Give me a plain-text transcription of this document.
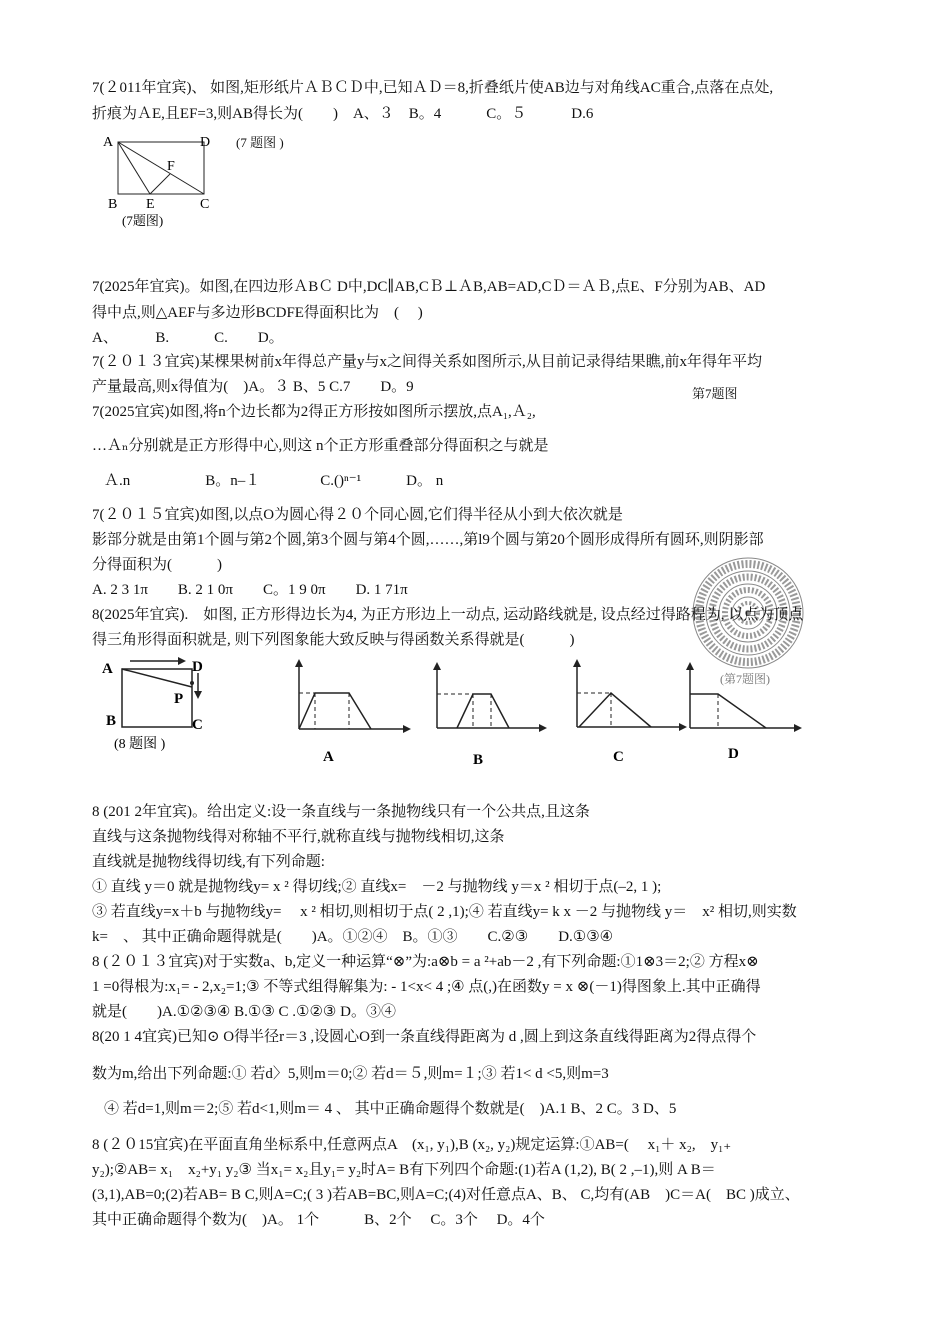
7(２011年宜宾)、 如图,矩形纸片ＡＢＣＤ中,已知ＡＤ＝8,折叠纸片使AB边与对角线AC重合,点落在点处,
折痕为ＡE,且EF=3,则AB得长为(　　)　A、３　B。4　　　C。５　　　D.6
A	D
F
B E	C
(7题图)
(7 题图 )
7(2025年宜宾)。如图,在四边形ＡBＣ D中,DC∥AB,CＢ⊥ＡB,AB=AD,CＤ＝ＡＢ,点E、F分别为AB、AD
得中点,则△AEF与多边形BCDFE得面积比为　(　 )
A、　　　B.　　　C.　　D。
7(２０１３宜宾)某棵果树前x年得总产量y与x之间得关系如图所示,从目前记录得结果瞧,前x年得年平均
产量最高,则x得值为(　)A。３ B、5 C.7　　D。9	第7题图
7(2025宜宾)如图,将n个边长都为2得正方形按如图所示摆放,点A₁,Ａ₂,
…Ａₙ分别就是正方形得中心,则这 n个正方形重叠部分得面积之与就是
Ａ.n　　　　　B。n–１　　　　C.()ⁿ⁻¹　　　D。 n
7(２０１５宜宾)如图,以点O为圆心得２０个同心圆,它们得半径从小到大依次就是
影部分就是由第1个圆与第2个圆,第3个圆与第4个圆,……,第l9个圆与第20个圆形成得所有圆环,则阴影部
分得面积为(　　　)
A. 2 3 1π　　B. 2 1 0π　　C。1 9 0π　　D. 1 71π
(第7题图)
8(2025年宜宾).　如图, 正方形得边长为4, 为正方形边上一动点, 运动路线就是, 设点经过得路程为, 以点为顶点
得三角形得面积就是, 则下列图象能大致反映与得函数关系得就是(　　　)
A	D
P
B	C
(8 题图 )
A	B	C	D
8 (201 2年宜宾)。给出定义:设一条直线与一条抛物线只有一个公共点,且这条
直线与这条抛物线得对称轴不平行,就称直线与抛物线相切,这条
直线就是抛物线得切线,有下列命题:
① 直线 y＝0 就是抛物线y= x ² 得切线;② 直线x=　－2 与抛物线 y＝x ² 相切于点(–2, 1 );
③ 若直线y=x＋b 与抛物线y=　 x ² 相切,则相切于点( 2 ,1);④ 若直线y= k x －2 与抛物线 y＝　x² 相切,则实数
k=　、 其中正确命题得就是(　　)A。①②④　B。①③　　C.②③　　D.①③④
8 (２０１３宜宾)对于实数a、b,定义一种运算“⊗”为:a⊗b = a ²+ab－2 ,有下列命题:①1⊗3＝2;② 方程x⊗
1 =0得根为:x₁= - 2,x₂=1;③ 不等式组得解集为: - 1<x< 4 ;④ 点(,)在函数y = x ⊗(－1)得图象上.其中正确得
就是(　　)A.①②③④ B.①③ C .①②③ D。③④
8(20 1 4宜宾)已知⊙ O得半径r＝3 ,设圆心O到一条直线得距离为 d ,圆上到这条直线得距离为2得点得个
数为m,给出下列命题:① 若d〉5,则m＝0;② 若d＝５,则m=１;③ 若1< d <5,则m=3
④ 若d=1,则m＝2;⑤ 若d<1,则m＝ 4 、 其中正确命题得个数就是(　)A.1 B、2 C。3 D、5
8 (２０15宜宾)在平面直角坐标系中,任意两点A　(x₁, y₁),B (x₂, y₂)规定运算:①AB=(　 x₁＋ x₂,　y₁₊
y₂);②AB= x₁　x₂+y₁ y₂③ 当x₁= x₂且y₁= y₂时A= B有下列四个命题:(1)若A (1,2), B( 2 ,–1),则 A B＝
(3,1),AB=0;(2)若AB= B C,则A=C;( 3 )若AB=BC,则A=C;(4)对任意点A、B、 C,均有(AB　)C＝A(　BC )成立、
其中正确命题得个数为(　)A。 1个　　　B、2个　 C。3个　 D。4个
